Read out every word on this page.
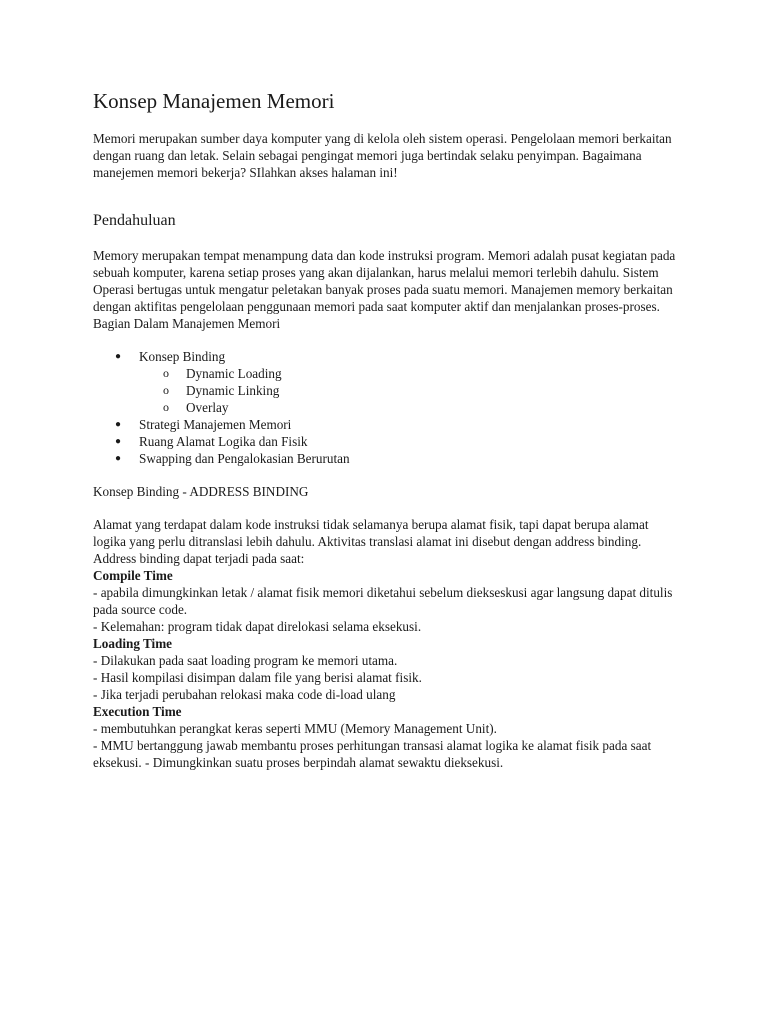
Konsep Manajemen Memori

Memori merupakan sumber daya komputer yang di kelola oleh sistem operasi. Pengelolaan memori berkaitan dengan ruang dan letak. Selain sebagai pengingat memori juga bertindak selaku penyimpan. Bagaimana manejemen memori bekerja? SIlahkan akses halaman ini!

Pendahuluan

Memory merupakan tempat menampung data dan kode instruksi program. Memori adalah pusat kegiatan pada sebuah komputer, karena setiap proses yang akan dijalankan, harus melalui memori terlebih dahulu. Sistem Operasi bertugas untuk mengatur peletakan banyak proses pada suatu memori. Manajemen memory berkaitan dengan aktifitas pengelolaan penggunaan memori pada saat komputer aktif dan menjalankan proses-proses.

Bagian Dalam Manajemen Memori

● Konsep Binding
o Dynamic Loading
o Dynamic Linking
o Overlay
● Strategi Manajemen Memori
● Ruang Alamat Logika dan Fisik
● Swapping dan Pengalokasian Berurutan

Konsep Binding - ADDRESS BINDING

Alamat yang terdapat dalam kode instruksi tidak selamanya berupa alamat fisik, tapi dapat berupa alamat logika yang perlu ditranslasi lebih dahulu. Aktivitas translasi alamat ini disebut dengan address binding. Address binding dapat terjadi pada saat:

Compile Time

- apabila dimungkinkan letak / alamat fisik memori diketahui sebelum diekseskusi agar langsung dapat ditulis pada source code.

- Kelemahan: program tidak dapat direlokasi selama eksekusi.

Loading Time

- Dilakukan pada saat loading program ke memori utama.

- Hasil kompilasi disimpan dalam file yang berisi alamat fisik.

- Jika terjadi perubahan relokasi maka code di-load ulang

Execution Time

- membutuhkan perangkat keras seperti MMU (Memory Management Unit).

- MMU bertanggung jawab membantu proses perhitungan transasi alamat logika ke alamat fisik pada saat eksekusi. - Dimungkinkan suatu proses berpindah alamat sewaktu dieksekusi.
